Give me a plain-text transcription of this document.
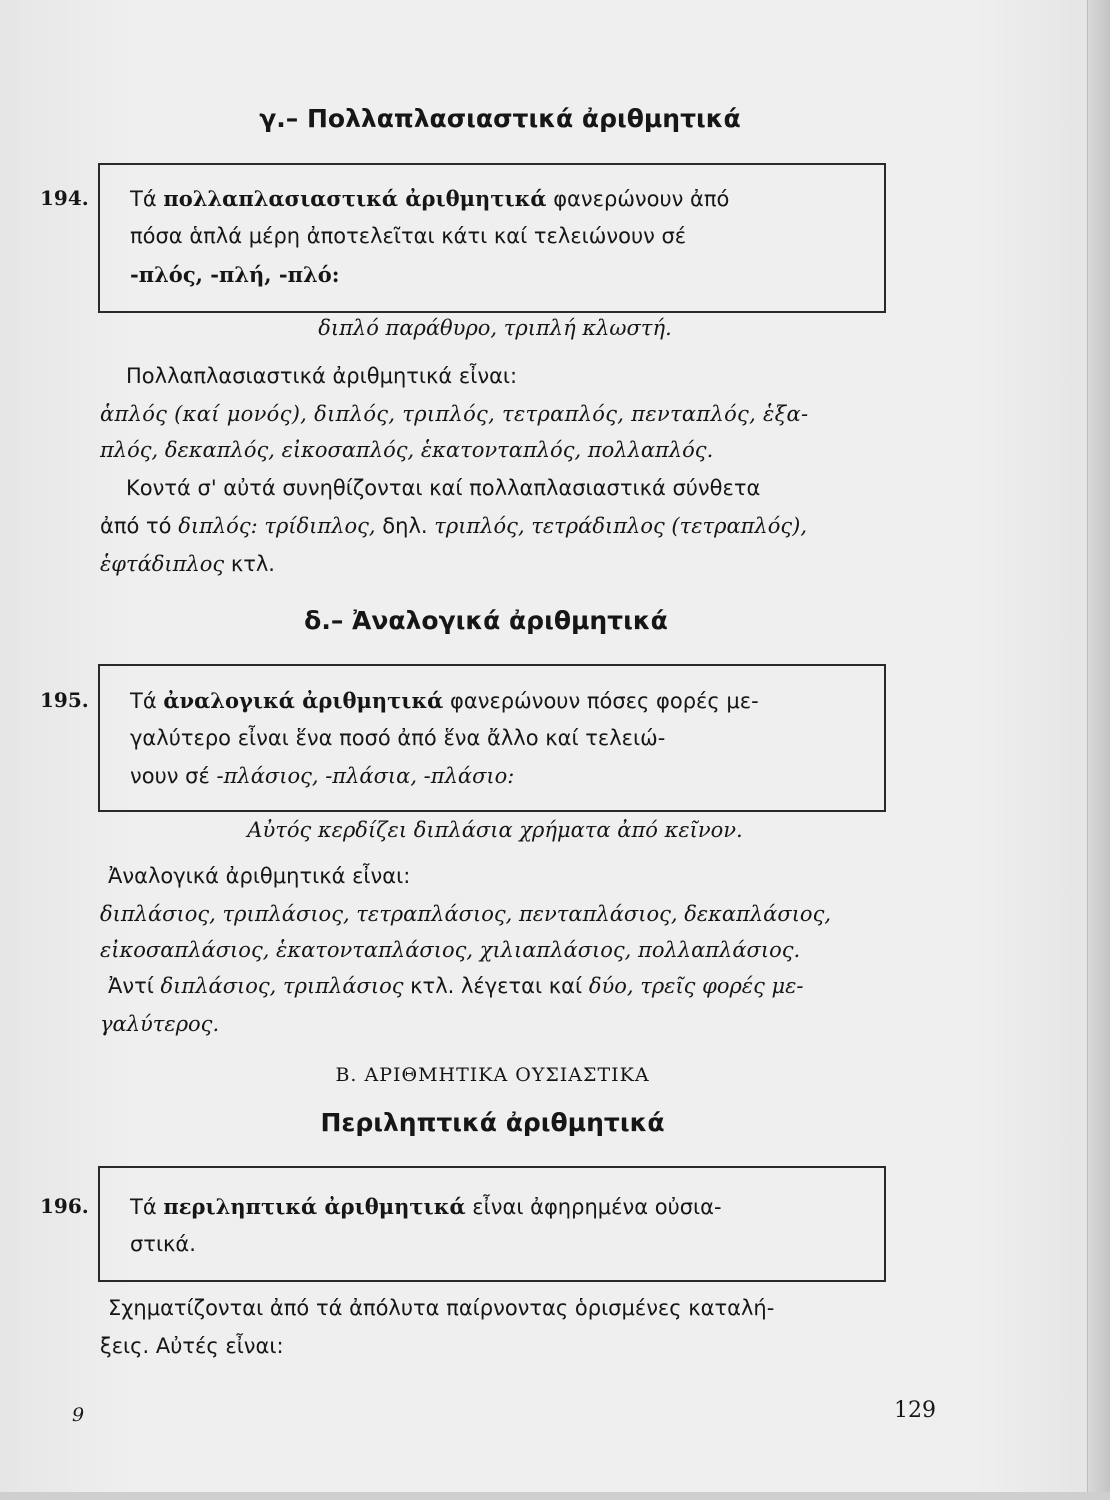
γ.– Πολλαπλασιαστικά ἀριθμητικά
194. Τά πολλαπλασιαστικά ἀριθμητικά φανερώνουν ἀπό
πόσα ἁπλά μέρη ἀποτελεῖται κάτι καί τελειώνουν σέ
-πλός, -πλή, -πλό:
διπλό παράθυρο, τριπλή κλωστή.
Πολλαπλασιαστικά ἀριθμητικά εἶναι:
ἁπλός (καί μονός), διπλός, τριπλός, τετραπλός, πενταπλός, ἑξα-
πλός, δεκαπλός, εἰκοσαπλός, ἑκατονταπλός, πολλαπλός.
Κοντά σ' αὐτά συνηθίζονται καί πολλαπλασιαστικά σύνθετα
ἀπό τό διπλός: τρίδιπλος, δηλ. τριπλός, τετράδιπλος (τετραπλός),
ἑφτάδιπλος κτλ.
δ.– Ἀναλογικά ἀριθμητικά
195. Τά ἀναλογικά ἀριθμητικά φανερώνουν πόσες φορές με-
γαλύτερο εἶναι ἕνα ποσό ἀπό ἕνα ἄλλο καί τελειώ-
νουν σέ -πλάσιος, -πλάσια, -πλάσιο:
Αὐτός κερδίζει διπλάσια χρήματα ἀπό κεῖνον.
Ἀναλογικά ἀριθμητικά εἶναι:
διπλάσιος, τριπλάσιος, τετραπλάσιος, πενταπλάσιος, δεκαπλάσιος,
εἰκοσαπλάσιος, ἑκατονταπλάσιος, χιλιαπλάσιος, πολλαπλάσιος.
Ἀντί διπλάσιος, τριπλάσιος κτλ. λέγεται καί δύο, τρεῖς φορές με-
γαλύτερος.
Β. ΑΡΙΘΜΗΤΙΚΑ ΟΥΣΙΑΣΤΙΚΑ
Περιληπτικά ἀριθμητικά
196. Τά περιληπτικά ἀριθμητικά εἶναι ἀφηρημένα οὐσια-
στικά.
Σχηματίζονται ἀπό τά ἀπόλυτα παίρνοντας ὁρισμένες καταλή-
ξεις. Αὐτές εἶναι:
9	129
